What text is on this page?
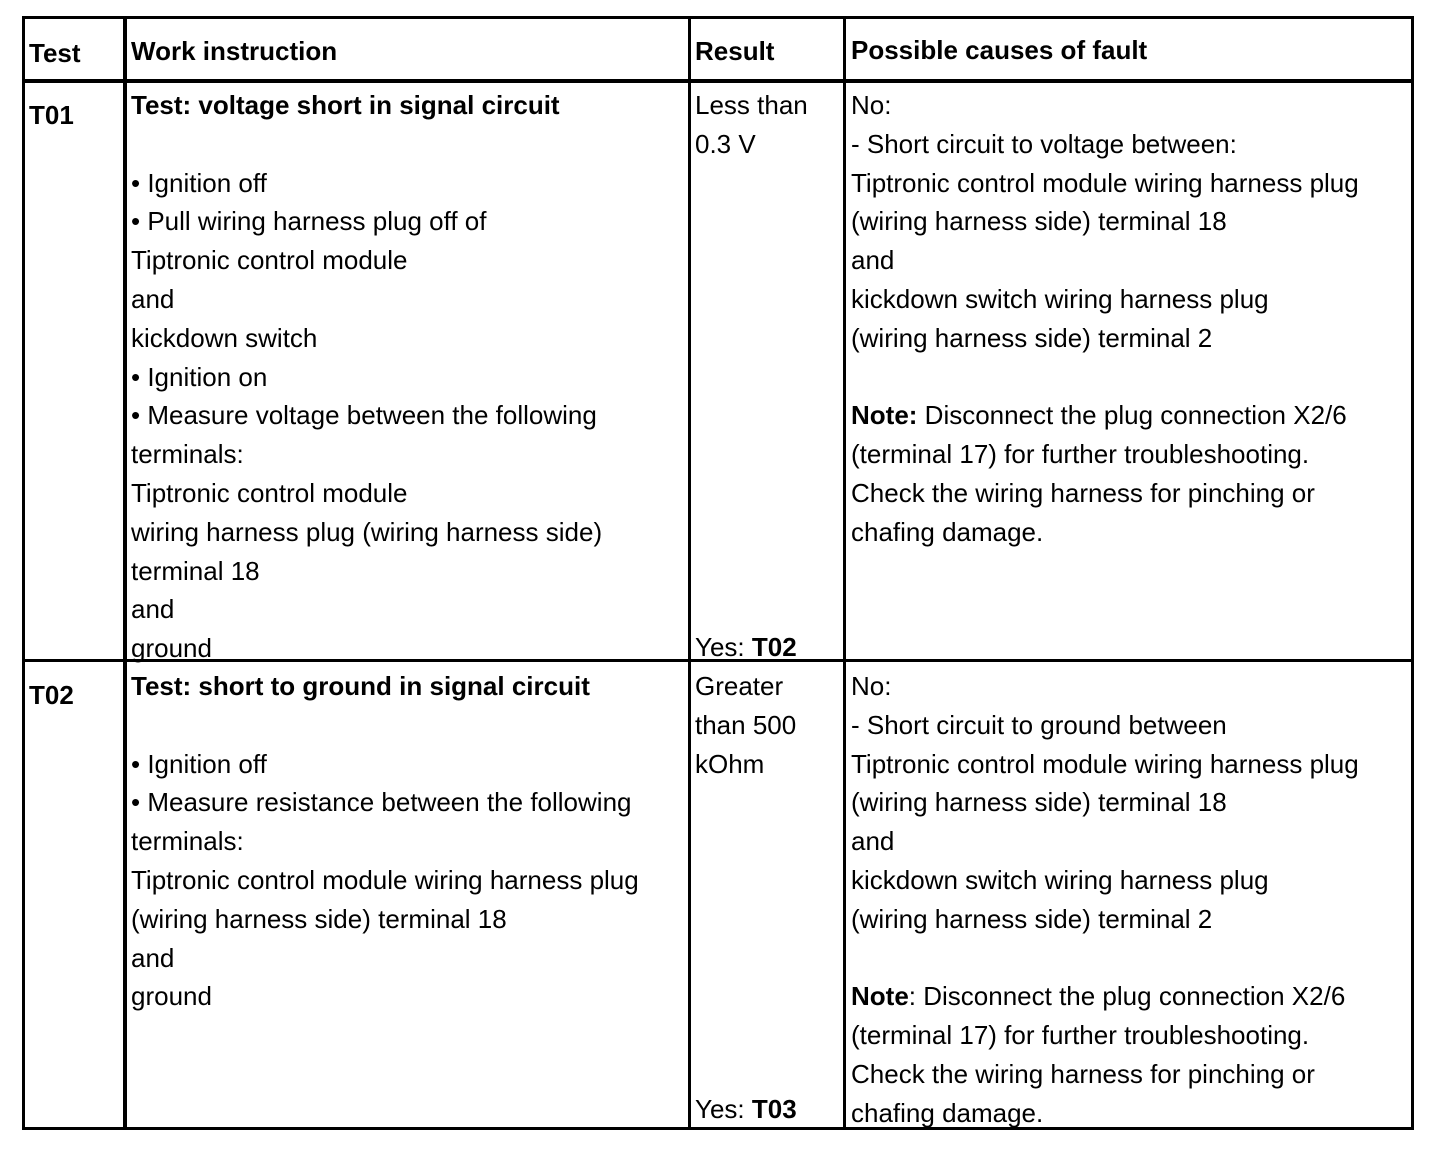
Test Work instruction	Result	Possible causes of fault
T01 Test: voltage short in signal circuit
• Ignition off
• Pull wiring harness plug off of
Tiptronic control module
and
kickdown switch
• Ignition on
• Measure voltage between the following
terminals:
Tiptronic control module
wiring harness plug (wiring harness side)
terminal 18
and
ground
Less than
0.3 V
Yes: T02
No:
- Short circuit to voltage between:
Tiptronic control module wiring harness plug
(wiring harness side) terminal 18
and
kickdown switch wiring harness plug
(wiring harness side) terminal 2
Note: Disconnect the plug connection X2/6
(terminal 17) for further troubleshooting.
Check the wiring harness for pinching or
chafing damage.
T02 Test: short to ground in signal circuit
• Ignition off
• Measure resistance between the following
terminals:
Tiptronic control module wiring harness plug
(wiring harness side) terminal 18
and
ground
Greater
than 500
kOhm
Yes: T03
No:
- Short circuit to ground between
Tiptronic control module wiring harness plug
(wiring harness side) terminal 18
and
kickdown switch wiring harness plug
(wiring harness side) terminal 2
Note: Disconnect the plug connection X2/6
(terminal 17) for further troubleshooting.
Check the wiring harness for pinching or
chafing damage.
